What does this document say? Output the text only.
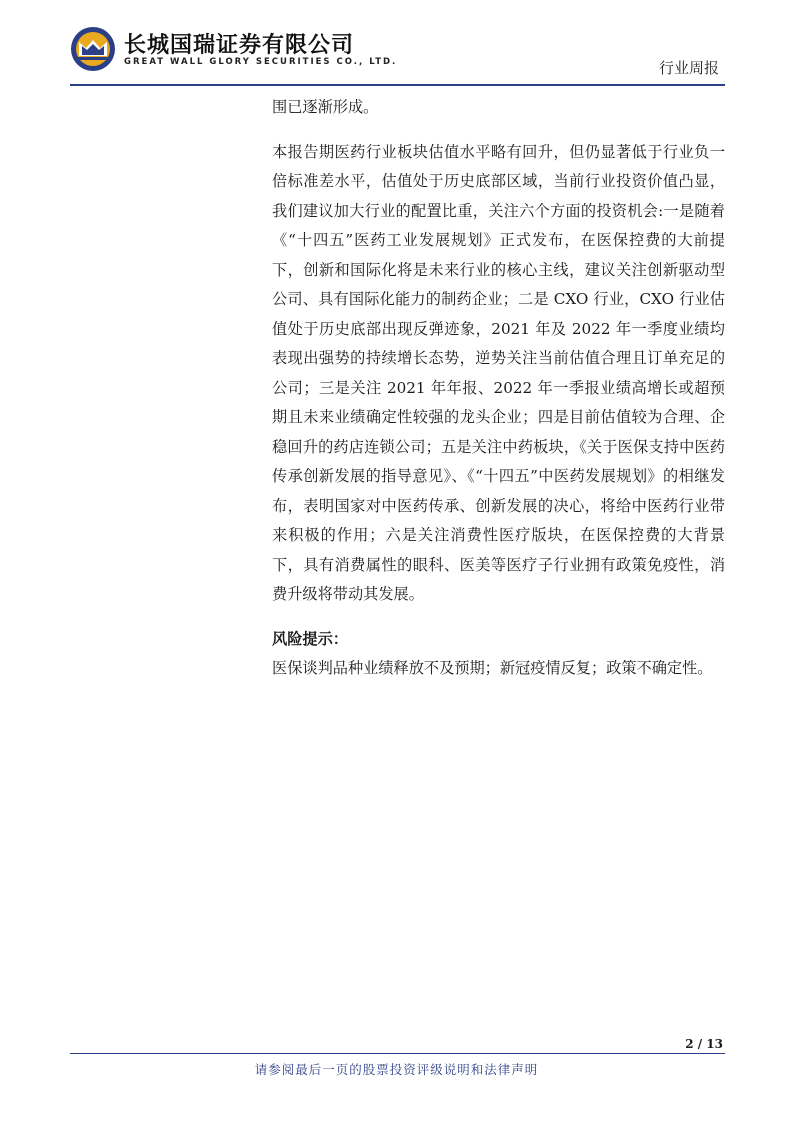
长城国瑞证券有限公司
GREAT WALL GLORY SECURITIES CO., LTD.	行业周报

围已逐渐形成。

本报告期医药行业板块估值水平略有回升，但仍显著低于行业负一倍标准差水平，估值处于历史底部区域，当前行业投资价值凸显，我们建议加大行业的配置比重，关注六个方面的投资机会:一是随着《“十四五”医药工业发展规划》正式发布，在医保控费的大前提下，创新和国际化将是未来行业的核心主线，建议关注创新驱动型公司、具有国际化能力的制药企业；二是 CXO 行业，CXO 行业估值处于历史底部出现反弹迹象，2021 年及 2022 年一季度业绩均表现出强势的持续增长态势，逆势关注当前估值合理且订单充足的公司；三是关注 2021 年年报、2022 年一季报业绩高增长或超预期且未来业绩确定性较强的龙头企业；四是目前估值较为合理、企稳回升的药店连锁公司；五是关注中药板块，《关于医保支持中医药传承创新发展的指导意见》、《“十四五”中医药发展规划》的相继发布，表明国家对中医药传承、创新发展的决心，将给中医药行业带来积极的作用；六是关注消费性医疗版块，在医保控费的大背景下，具有消费属性的眼科、医美等医疗子行业拥有政策免疫性，消费升级将带动其发展。

风险提示：

医保谈判品种业绩释放不及预期；新冠疫情反复；政策不确定性。

2 / 13
请参阅最后一页的股票投资评级说明和法律声明
